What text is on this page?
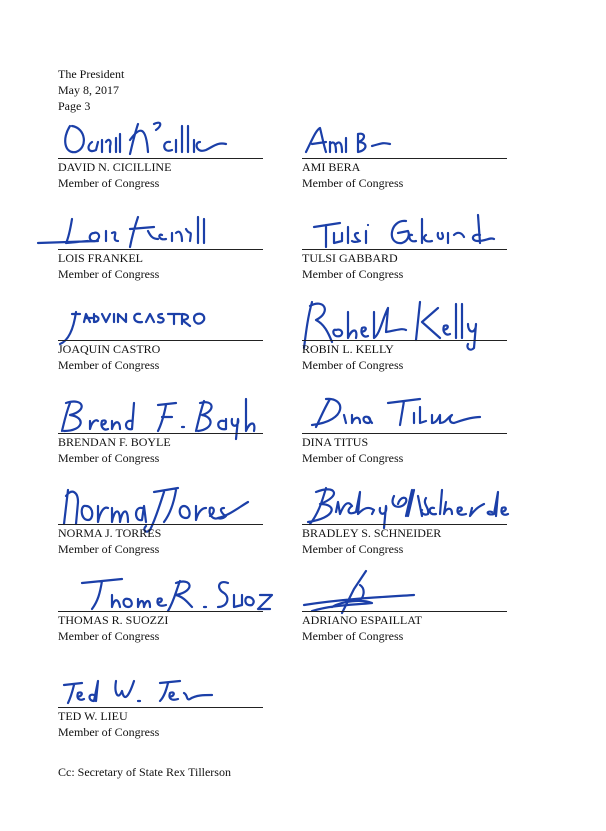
The President
May 8, 2017
Page 3
DAVID N. CICILLINE
Member of Congress
AMI BERA
Member of Congress
LOIS FRANKEL
Member of Congress
TULSI GABBARD
Member of Congress
JOAQUIN CASTRO
Member of Congress
ROBIN L. KELLY
Member of Congress
BRENDAN F. BOYLE
Member of Congress
DINA TITUS
Member of Congress
NORMA J. TORRES
Member of Congress
BRADLEY S. SCHNEIDER
Member of Congress
THOMAS R. SUOZZI
Member of Congress
ADRIANO ESPAILLAT
Member of Congress
TED W. LIEU
Member of Congress
Cc: Secretary of State Rex Tillerson
